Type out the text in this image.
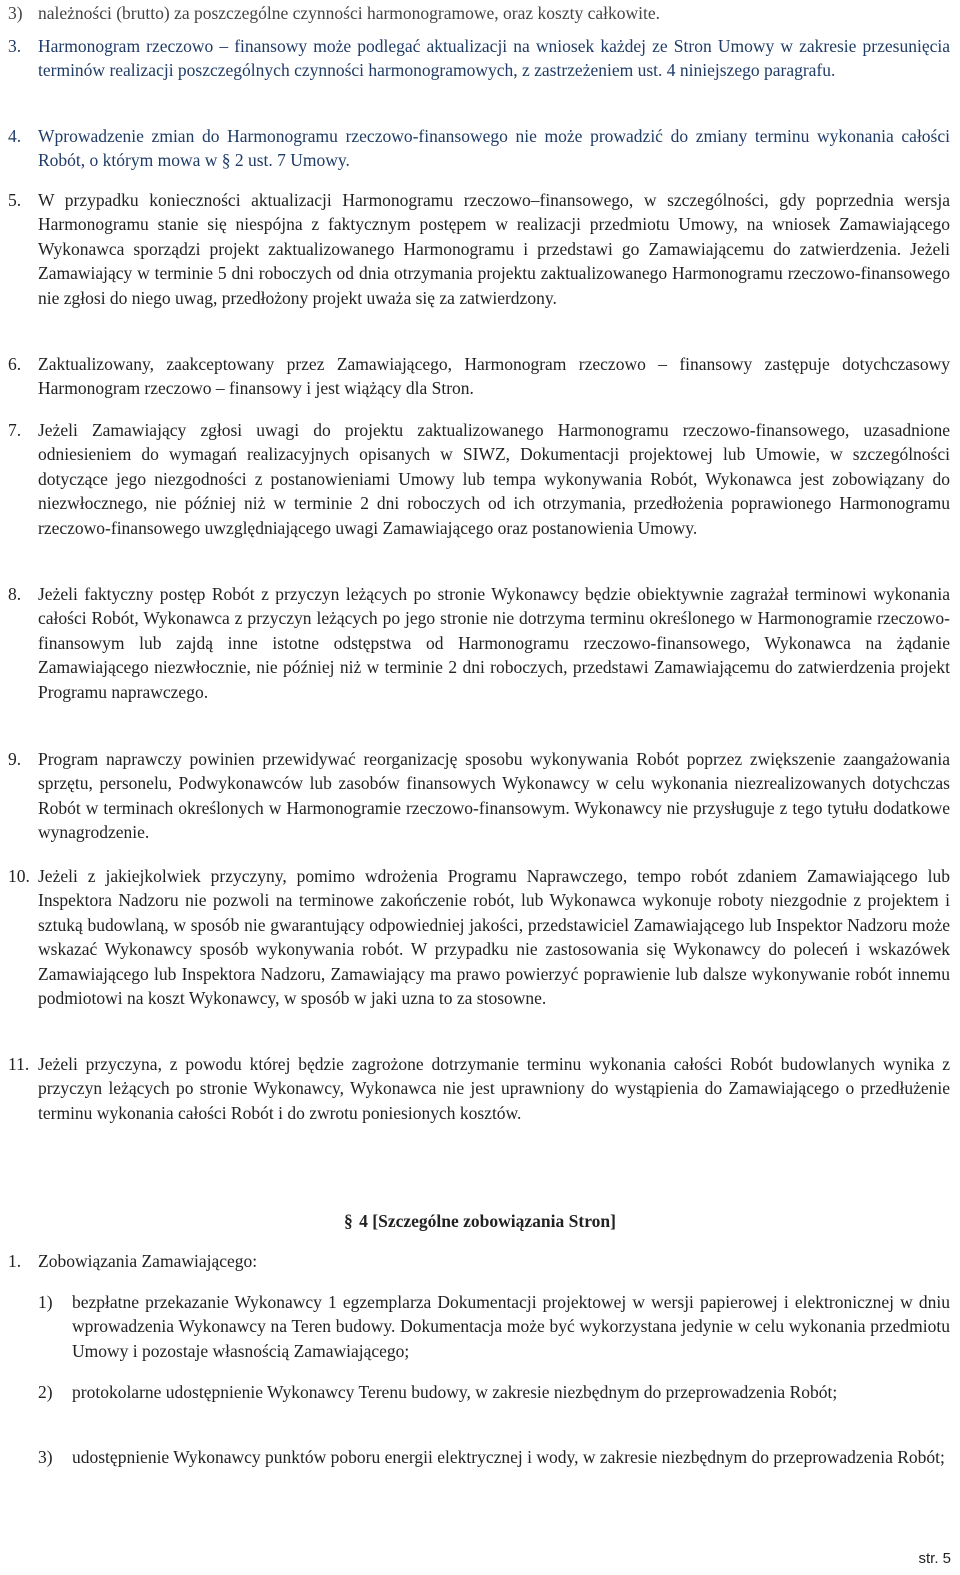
3) należności (brutto) za poszczególne czynności harmonogramowe, oraz koszty całkowite.
3. Harmonogram rzeczowo – finansowy może podlegać aktualizacji na wniosek każdej ze Stron Umowy w zakresie przesunięcia terminów realizacji poszczególnych czynności harmonogramowych, z zastrzeżeniem ust. 4 niniejszego paragrafu.
4. Wprowadzenie zmian do Harmonogramu rzeczowo-finansowego nie może prowadzić do zmiany terminu wykonania całości Robót, o którym mowa w § 2 ust. 7 Umowy.
5. W przypadku konieczności aktualizacji Harmonogramu rzeczowo–finansowego, w szczególności, gdy poprzednia wersja Harmonogramu stanie się niespójna z faktycznym postępem w realizacji przedmiotu Umowy, na wniosek Zamawiającego Wykonawca sporządzi projekt zaktualizowanego Harmonogramu i przedstawi go Zamawiającemu do zatwierdzenia. Jeżeli Zamawiający w terminie 5 dni roboczych od dnia otrzymania projektu zaktualizowanego Harmonogramu rzeczowo-finansowego nie zgłosi do niego uwag, przedłożony projekt uważa się za zatwierdzony.
6. Zaktualizowany, zaakceptowany przez Zamawiającego, Harmonogram rzeczowo – finansowy zastępuje dotychczasowy Harmonogram rzeczowo – finansowy i jest wiążący dla Stron.
7. Jeżeli Zamawiający zgłosi uwagi do projektu zaktualizowanego Harmonogramu rzeczowo-finansowego, uzasadnione odniesieniem do wymagań realizacyjnych opisanych w SIWZ, Dokumentacji projektowej lub Umowie, w szczególności dotyczące jego niezgodności z postanowieniami Umowy lub tempa wykonywania Robót, Wykonawca jest zobowiązany do niezwłocznego, nie później niż w terminie 2 dni roboczych od ich otrzymania, przedłożenia poprawionego Harmonogramu rzeczowo-finansowego uwzględniającego uwagi Zamawiającego oraz postanowienia Umowy.
8. Jeżeli faktyczny postęp Robót z przyczyn leżących po stronie Wykonawcy będzie obiektywnie zagrażał terminowi wykonania całości Robót, Wykonawca z przyczyn leżących po jego stronie nie dotrzyma terminu określonego w Harmonogramie rzeczowo-finansowym lub zajdą inne istotne odstępstwa od Harmonogramu rzeczowo-finansowego, Wykonawca na żądanie Zamawiającego niezwłocznie, nie później niż w terminie 2 dni roboczych, przedstawi Zamawiającemu do zatwierdzenia projekt Programu naprawczego.
9. Program naprawczy powinien przewidywać reorganizację sposobu wykonywania Robót poprzez zwiększenie zaangażowania sprzętu, personelu, Podwykonawców lub zasobów finansowych Wykonawcy w celu wykonania niezrealizowanych dotychczas Robót w terminach określonych w Harmonogramie rzeczowo-finansowym. Wykonawcy nie przysługuje z tego tytułu dodatkowe wynagrodzenie.
10. Jeżeli z jakiejkolwiek przyczyny, pomimo wdrożenia Programu Naprawczego, tempo robót zdaniem Zamawiającego lub Inspektora Nadzoru nie pozwoli na terminowe zakończenie robót, lub Wykonawca wykonuje roboty niezgodnie z projektem i sztuką budowlaną, w sposób nie gwarantujący odpowiedniej jakości, przedstawiciel Zamawiającego lub Inspektor Nadzoru może wskazać Wykonawcy sposób wykonywania robót. W przypadku nie zastosowania się Wykonawcy do poleceń i wskazówek Zamawiającego lub Inspektora Nadzoru, Zamawiający ma prawo powierzyć poprawienie lub dalsze wykonywanie robót innemu podmiotowi na koszt Wykonawcy, w sposób w jaki uzna to za stosowne.
11. Jeżeli przyczyna, z powodu której będzie zagrożone dotrzymanie terminu wykonania całości Robót budowlanych wynika z przyczyn leżących po stronie Wykonawcy, Wykonawca nie jest uprawniony do wystąpienia do Zamawiającego o przedłużenie terminu wykonania całości Robót i do zwrotu poniesionych kosztów.
§ 4 [Szczególne zobowiązania Stron]
1. Zobowiązania Zamawiającego:
1) bezpłatne przekazanie Wykonawcy 1 egzemplarza Dokumentacji projektowej w wersji papierowej i elektronicznej w dniu wprowadzenia Wykonawcy na Teren budowy. Dokumentacja może być wykorzystana jedynie w celu wykonania przedmiotu Umowy i pozostaje własnością Zamawiającego;
2) protokolarne udostępnienie Wykonawcy Terenu budowy, w zakresie niezbędnym do przeprowadzenia Robót;
3) udostępnienie Wykonawcy punktów poboru energii elektrycznej i wody, w zakresie niezbędnym do przeprowadzenia Robót;
str. 5
